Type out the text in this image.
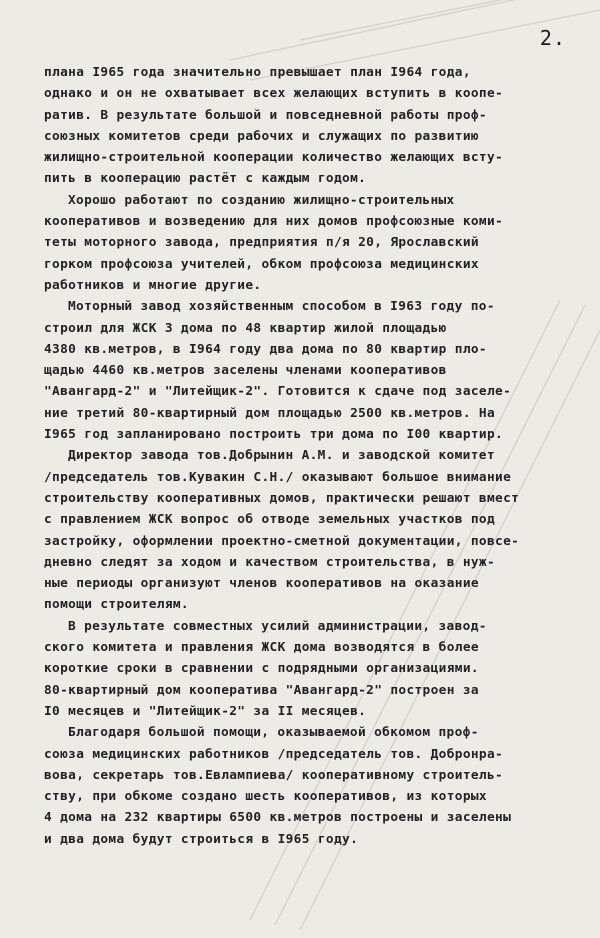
2.
плана I965 года значительно превышает план I964 года,
однако и он не охватывает всех желающих вступить в коопе-
ратив. В результате большой и повседневной работы проф-
союзных комитетов среди рабочих и служащих по развитию
жилищно-строительной кооперации количество желающих всту-
пить в кооперацию растёт с каждым годом.
Хорошо работают по созданию жилищно-строительных
кооперативов и возведению для них домов профсоюзные коми-
теты моторного завода, предприятия п/я 20, Ярославский
горком профсоюза учителей, обком профсоюза медицинских
работников и многие другие.
Моторный завод хозяйственным способом в I963 году по-
строил для ЖСК 3 дома по 48 квартир жилой площадью
4380 кв.метров, в I964 году два дома по 80 квартир пло-
щадью 4460 кв.метров заселены членами кооперативов
"Авангард-2" и "Литейщик-2". Готовится к сдаче под заселе-
ние третий 80-квартирный дом площадью 2500 кв.метров. На
I965 год запланировано построить три дома по I00 квартир.
Директор завода тов.Добрынин А.М. и заводской комитет
/председатель тов.Кувакин С.Н./ оказывают большое внимание
строительству кооперативных домов, практически решают вмест
с правлением ЖСК вопрос об отводе земельных участков под
застройку, оформлении проектно-сметной документации, повсе-
дневно следят за ходом и качеством строительства, в нуж-
ные периоды организуют членов кооперативов на оказание
помощи строителям.
В результате совместных усилий администрации, завод-
ского комитета и правления ЖСК дома возводятся в более
короткие сроки в сравнении с подрядными организациями.
80-квартирный дом кооператива "Авангард-2" построен за
I0 месяцев и "Литейщик-2" за II месяцев.
Благодаря большой помощи, оказываемой обкомом проф-
союза медицинских работников /председатель тов. Добронра-
вова, секретарь тов.Евлампиева/ кооперативному строитель-
ству, при обкоме создано шесть кооперативов, из которых
4 дома на 232 квартиры 6500 кв.метров построены и заселены
и два дома будут строиться в I965 году.
